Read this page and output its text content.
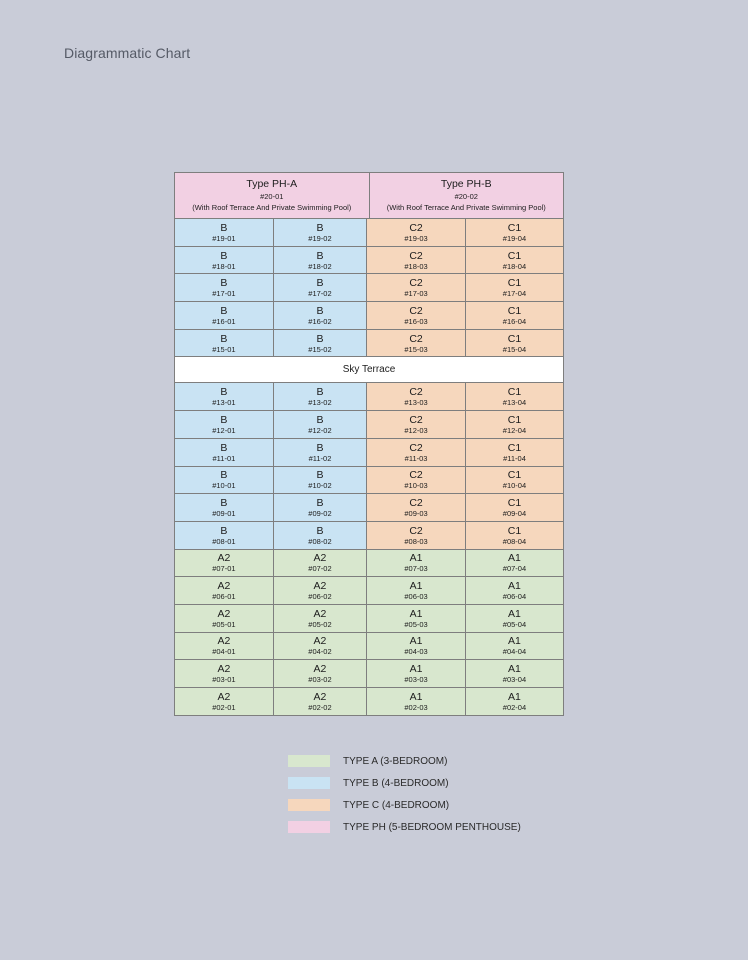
Diagrammatic Chart
Type PH-A
#20-01
(With Roof Terrace And Private Swimming Pool)
Type PH-B
#20-02
(With Roof Terrace And Private Swimming Pool)
B
#19-01
B
#19-02
C2
#19-03
C1
#19-04
B
#18-01
B
#18-02
C2
#18-03
C1
#18-04
B
#17-01
B
#17-02
C2
#17-03
C1
#17-04
B
#16-01
B
#16-02
C2
#16-03
C1
#16-04
B
#15-01
B
#15-02
C2
#15-03
C1
#15-04
Sky Terrace
B
#13-01
B
#13-02
C2
#13-03
C1
#13-04
B
#12-01
B
#12-02
C2
#12-03
C1
#12-04
B
#11-01
B
#11-02
C2
#11-03
C1
#11-04
B
#10-01
B
#10-02
C2
#10-03
C1
#10-04
B
#09-01
B
#09-02
C2
#09-03
C1
#09-04
B
#08-01
B
#08-02
C2
#08-03
C1
#08-04
A2
#07-01
A2
#07-02
A1
#07-03
A1
#07-04
A2
#06-01
A2
#06-02
A1
#06-03
A1
#06-04
A2
#05-01
A2
#05-02
A1
#05-03
A1
#05-04
A2
#04-01
A2
#04-02
A1
#04-03
A1
#04-04
A2
#03-01
A2
#03-02
A1
#03-03
A1
#03-04
A2
#02-01
A2
#02-02
A1
#02-03
A1
#02-04
TYPE A (3-BEDROOM)
TYPE B (4-BEDROOM)
TYPE C (4-BEDROOM)
TYPE PH (5-BEDROOM PENTHOUSE)
